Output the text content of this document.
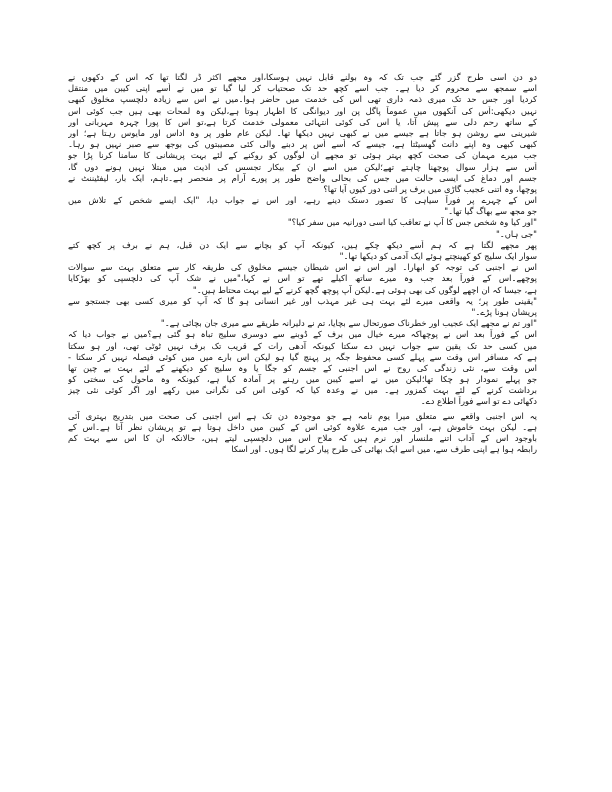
دو دن اسی طرح گزر گئے جب تک کہ وہ بولنے قابل نہیں ہوسکا،اور مجھے اکثر ڈر لگتا تھا کہ اس کے دکھوں نے
اسے سمجھ سے محروم کر دیا ہے۔ جب اسے کچھ حد تک صحتیاب کر لیا گیا تو میں نے اُسے اپنی کیبن میں منتقل
کردیا اور جس حد تک میری ذمہ داری تھی اس کی خدمت میں حاضر ہوا۔میں نے اس سے زیادہ دلچسپ مخلوق کبھی
نہیں دیکھی:اُس کی آنکھوں میں عموماً پاگل پن اور دیوانگی کا اظہار ہوتا ہے،لیکن وہ لمحات بھی ہیں جب کوئی اس
کے ساتھ رحم دلی سے پیش آتا، یا اس کی کوئی انتہائی معمولی خدمت کرتا ہے،تو اس کا پورا چہرہ مہربانی اور
شیرینی سے روشن ہو جاتا ہے جیسے میں نے کبھی نہیں دیکھا تھا۔ لیکن عام طور پر وہ اداس اور مایوس رہتا ہے؛ اور
کبھی کبھی وہ اپنے دانت گھسیٹتا ہے، جیسے کہ اُسے اُس پر دبنے والی کئی مصیبتوں کی بوجھ سے صبر نہیں ہو رہا۔
جب میرے مہمان کی صحت کچھ بہتر ہوئی تو مجھے ان لوگوں کو روکنے کے لئے بہت پریشانی کا سامنا کرنا پڑا جو
اُس سے ہزار سوال پوچھنا چاہتے تھے؛لیکن میں اسے ان کے بیکار تجسس کی اذیت میں مبتلا نہیں ہونے دوں گا،
جسم اور دماغ کی ایسی حالت میں جس کی بحالی واضح طور پر پورے آرام پر منحصر ہے۔تاہم، ایک بار، لیفٹیننٹ نے
پوچھا، وہ اتنی عجیب گاڑی میں برف پر اتنی دور کیوں آیا تھا؟
اس کے چہرے پر فوراً سیاہی کا تصور دستک دینے رہے، اور اس نے جواب دیا، "ایک ایسے شخص کے تلاش میں
جو مجھ سے بھاگ گیا تھا۔"
"اور کیا وہ شخص جس کا آپ نے تعاقب کیا اسی دورانیہ میں سفر کیا؟"
"جی ہاں۔"
پھر مجھے لگتا ہے کہ ہم اُسے دیکھ چکے ہیں، کیونکہ آپ کو بچانے سے ایک دن قبل، ہم نے برف پر کچھ کتے
سوار ایک سلیج کو کھینچتے ہوئے ایک آدمی کو دیکھا تھا۔"
اس نے اجنبی کی توجہ کو ابھارا۔ اور اس نے اس شیطان جیسے مخلوق کی طریقہ کار سے متعلق بہت سے سوالات
پوچھے۔اس کے فوراً بعد جب وہ میرے ساتھ اکیلے تھے تو اس نے کہا،"میں نے شک آپ کی دلچسپی کو بھڑکایا
ہے، جیسا کہ ان اچھے لوگوں کی بھی ہوئی ہے۔لیکن آپ پوچھ گچھ کرنے کے لیے بہت محتاط ہیں۔"
"یقینی طور پر؛ یہ واقعی میرے لئے بہت ہی غیر مہذب اور غیر انسانی ہو گا کہ آپ کو میری کسی بھی جستجو سے
پریشان ہونا پڑے۔"
"اور تم نے مجھے ایک عجیب اور خطرناک صورتحال سے بچایا، تم نے دلیرانہ طریقے سے میری جان بچائی ہے۔"
اس کے فوراً بعد اس نے پوچھاکہ میرے خیال میں برف کے ڈوبنے سے دوسری سلیج تباہ ہو گئی ہے؟میں نے جواب دیا کہ
میں کسی حد تک یقین سے جواب نہیں دے سکتا کیونکہ آدھی رات کے قریب تک برف نہیں ٹوٹی تھی، اور ہو سکتا
ہے کہ مسافر اس وقت سے پہلے کسی محفوظ جگہ پر پہنچ گیا ہو لیکن اس بارے میں میں کوئی فیصلہ نہیں کر سکتا -
اس وقت سے، نئی زندگی کی روح نے اس اجنبی کے جسم کو جگا یا وہ سلیج کو دیکھنے کے لئے بہت بے چین تھا
جو پہلے نمودار ہو چکا تھا؛لیکن میں نے اسے کیبن میں رہنے پر آمادہ کیا ہے، کیونکہ وہ ماحول کی سختی کو
برداشت کرنے کے لئے بہت کمزور ہے۔ میں نے وعدہ کیا کہ کوئی اس کی نگرانی میں رکھے اور اگر کوئی نئی چیز
دکھائی دے تو اسے فوراً اطلاع دے۔
یہ اس اجنبی واقعے سے متعلق میرا یومِ نامہ ہے جو موجودہ دن تک ہے اس اجنبی کی صحت میں بتدریج بہتری آئی
ہے۔ لیکن بہت خاموش ہے، اور جب میرے علاوہ کوئی اس کے کیبن میں داخل ہوتا ہے تو پریشان نظر آتا ہے۔اس کے
باوجود اس کے آداب اتنے ملنسار اور نرم ہیں کہ ملاح اس میں دلچسپی لیتے ہیں، حالانکہ ان کا اس سے بہت کم
رابطہ ہوا ہے اپنی طرف سے، میں اسے ایک بھائی کی طرح پیار کرنے لگا ہوں۔ اور اسکا
